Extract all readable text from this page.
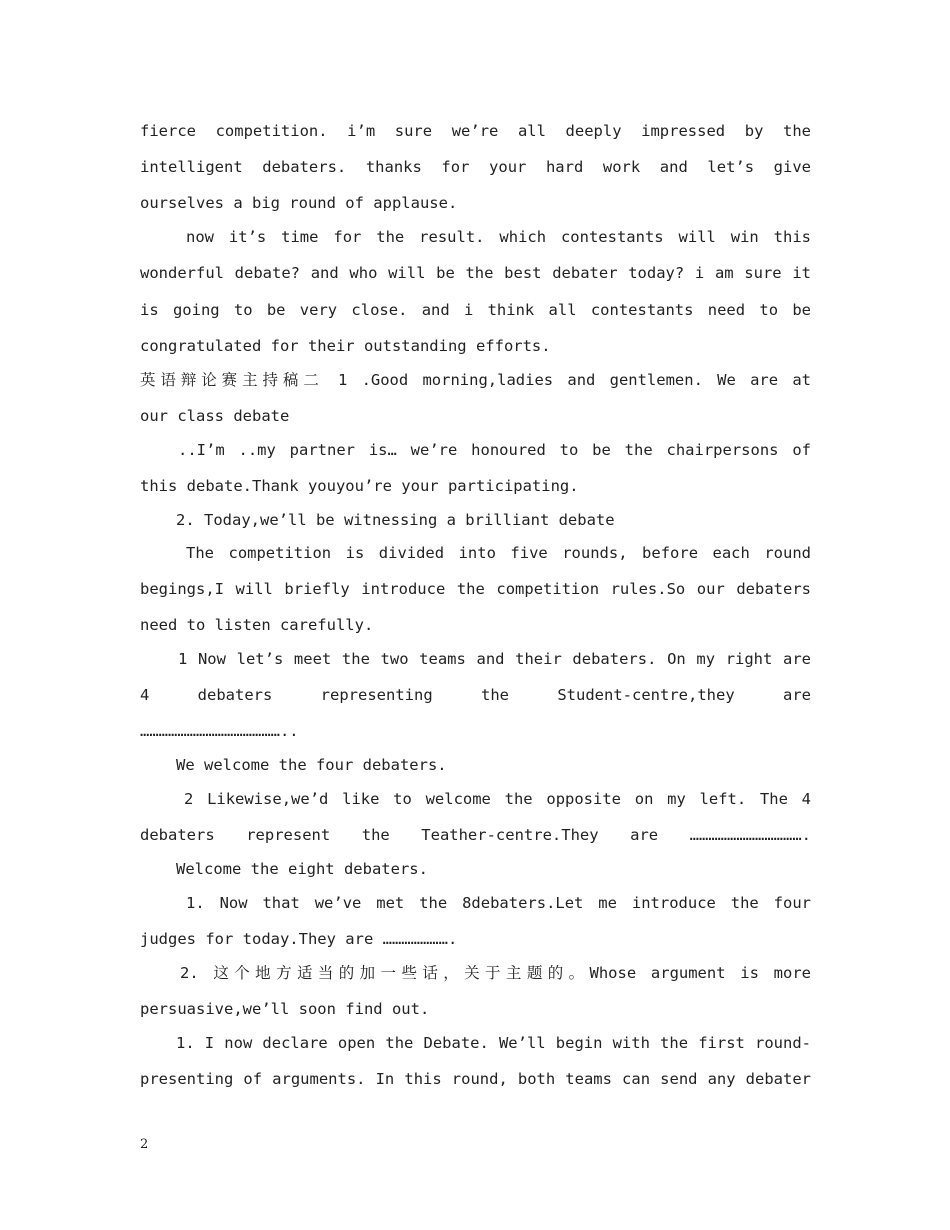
fierce competition. i’m sure we’re all deeply impressed by the
intelligent debaters. thanks for your hard work and let’s give
ourselves a big round of applause.
now it’s time for the result. which contestants will win this
wonderful debate? and who will be the best debater today? i am sure it
is going to be very close. and i think all contestants need to be
congratulated for their outstanding efforts.
英语辩论赛主持稿二 1 .Good morning,ladies and gentlemen. We are at
our class debate
..I’m ..my partner is… we’re honoured to be the chairpersons of
this debate.Thank youyou’re your participating.
2. Today,we’ll be witnessing a brilliant debate
The competition is divided into five rounds, before each round
begings,I will briefly introduce the competition rules.So our debaters
need to listen carefully.
1 Now let’s meet the two teams and their debaters. On my right are
4 debaters representing the Student-centre,they are
………………………………………..
We welcome the four debaters.
2 Likewise,we’d like to welcome the opposite on my left. The 4
debaters represent the Teather-centre.They are ……………………………….
Welcome the eight debaters.
1. Now that we’ve met the 8debaters.Let me introduce the four
judges for today.They are ………………….
2. 这个地方适当的加一些话，关于主题的。Whose argument is more
persuasive,we’ll soon find out.
1. I now declare open the Debate. We’ll begin with the first round-
presenting of arguments. In this round, both teams can send any debater
2
